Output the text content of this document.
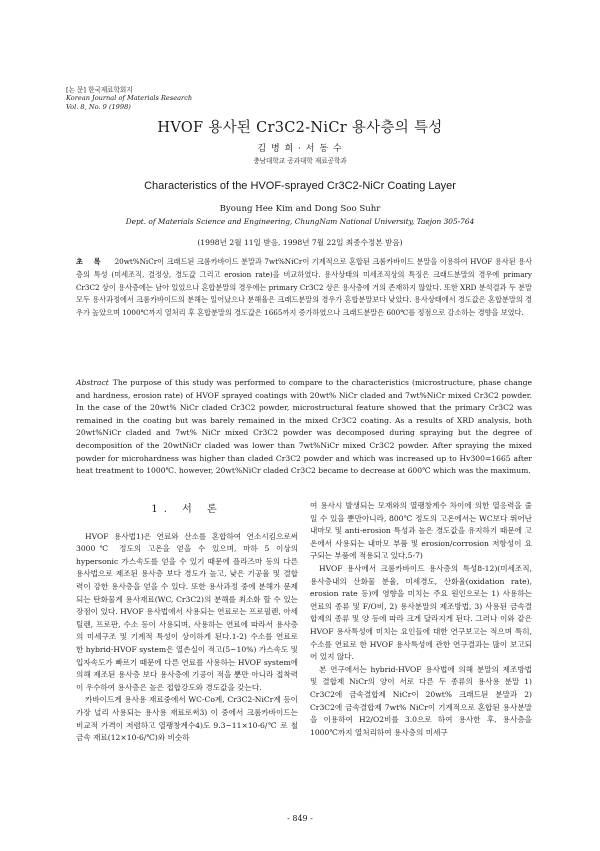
[논 문] 한국재료학회지
Korean Journal of Materials Research
Vol. 8, No. 9 (1998)
HVOF 용사된 Cr3C2-NiCr 용사층의 특성
김 병 희 · 서 동 수
충남대학교 공과대학 재료공학과
Characteristics of the HVOF-sprayed Cr3C2-NiCr Coating Layer
Byoung Hee Kim and Dong Soo Suhr
Dept. of Materials Science and Engineering, ChungNam National University, Taejon 305-764
(1998년 2월 11일 받음, 1998년 7월 22일 최종수정본 받음)
초 록 20wt%NiCr이 크래드된 크롬카바이드 분말과 7wt%NiCr이 기계적으로 혼합된 크롬카바이드 분말을 이용하여 HVOF 용사된 용사층의 특성 (미세조직, 결정상, 경도값 그리고 erosion rate)을 비교하였다. 용사상태의 미세조직상의 특징은 크래드분말의 경우에 primary Cr3C2 상이 용사층에는 남아 있었으나 혼합분말의 경우에는 primary Cr3C2 상은 용사층에 거의 존재하지 않았다. 또한 XRD 분석결과 두 분말 모두 용사과정에서 크롬카바이드의 분해는 일어났으나 분해율은 크래드분말의 경우가 혼합분말보다 낮았다. 용사상태에서 경도값은 혼합분말의 경우가 높았으며 1000℃까지 열처리 후 혼합분말의 경도값은 1665까지 증가하였으나 크래드분말은 600℃를 정점으로 감소하는 경향을 보였다.
Abstract The purpose of this study was performed to compare to the characteristics (microstructure, phase change and hardness, erosion rate) of HVOF sprayed coatings with 20wt% NiCr claded and 7wt%NiCr mixed Cr3C2 powder. In the case of the 20wt% NiCr claded Cr3C2 powder, microstructural feature showed that the primary Cr3C2 was remained in the coating but was barely remained in the mixed Cr3C2 coating. As a results of XRD analysis, both 20wt%NiCr claded and 7wt% NiCr mixed Cr3C2 powder was decomposed during spraying but the degree of decomposition of the 20wtNiCr claded was lower than 7wt%NiCr mixed Cr3C2 powder. After spraying the mixed powder for microhardness was higher than claded Cr3C2 powder and which was increased up to Hv300=1665 after heat treatment to 1000℃. however, 20wt%NiCr claded Cr3C2 became to decrease at 600℃ which was the maximum.
1. 서 론

HVOF 용사법1)은 연료와 산소를 혼합하여 연소시킴으로써 3000℃ 정도의 고온을 얻을 수 있으며, 마하 5 이상의 hypersonic 가스속도를 얻을 수 있기 때문에 플라즈마 등의 다른 용사법으로 제조된 용사층 보다 경도가 높고, 낮은 기공율 및 결합력이 강한 용사층을 얻을 수 있다. 또한 용사과정 중에 분해가 문제되는 탄화물계 용사재료(WC, Cr3C2)의 분해를 최소화 할 수 있는 장점이 있다. HVOF 용사법에서 사용되는 연료로는 프로필렌, 아세틸렌, 프로판, 수소 등이 사용되며, 사용하는 연료에 따라서 용사층의 미세구조 및 기계적 특성이 상이하게 된다.1-2) 수소를 연료로 한 hybrid-HVOF system은 열손실이 적고(5~10%) 가스속도 및 입자속도가 빠르기 때문에 다른 연료를 사용하는 HVOF system에 의해 제조된 용사층 보다 용사층에 기공이 적을 뿐만 아니라 접착력이 우수하여 용사층은 높은 접합강도와 경도값을 갖는다.

카바이드계 용사용 재료중에서 WC-Co계, Cr3C2-NiCr계 등이 가장 널리 사용되는 용사용 재료로써3) 이 중에서 크롬카바이드는 비교적 가격이 저렴하고 열팽창계수4)도 9.3~11×10-6/℃ 로 철금속 재료(12×10-6/℃)와 비슷하

여 용사시 발생되는 모재와의 열팽창계수 차이에 의한 열응력을 줄일 수 있을 뿐만아니라, 800℃ 정도의 고온에서는 WC보다 뛰어난 내마모 및 anti-erosion 특성과 높은 경도값을 유지하기 때문에 고온에서 사용되는 내마모 부품 및 erosion/corrosion 저항성이 요구되는 부품에 적용되고 있다.5-7)

HVOF 용사에서 크롬카바이드 용사층의 특성8-12)(미세조직, 용사층내의 산화물 분율, 미세경도, 산화율(oxidation rate), erosion rate 등)에 영향을 미치는 주요 원인으로는 1) 사용하는 연료의 종류 및 F/O비, 2) 용사분말의 제조방법, 3) 사용된 금속결합제의 종류 및 양 등에 따라 크게 달라지게 된다. 그러나 이와 같은 HVOF 용사특성에 미치는 요인들에 대한 연구보고는 적으며 특히, 수소를 연료로 한 HVOF 용사특성에 관한 연구결과는 많이 보고되어 있지 않다.

본 연구에서는 hybrid-HVOF 용사법에 의해 분말의 제조방법 및 결합제 NiCr의 양이 서로 다른 두 종류의 용사용 분말 1) Cr3C2에 금속결합제 NiCr이 20wt% 크래드된 분말과 2) Cr3C2에 금속결합제 7wt% NiCr이 기계적으로 혼합된 용사분말을 이용하여 H2/O2비를 3.0으로 하여 용사한 후, 용사층을 1000℃까지 열처리하여 용사층의 미세구

- 849 -
